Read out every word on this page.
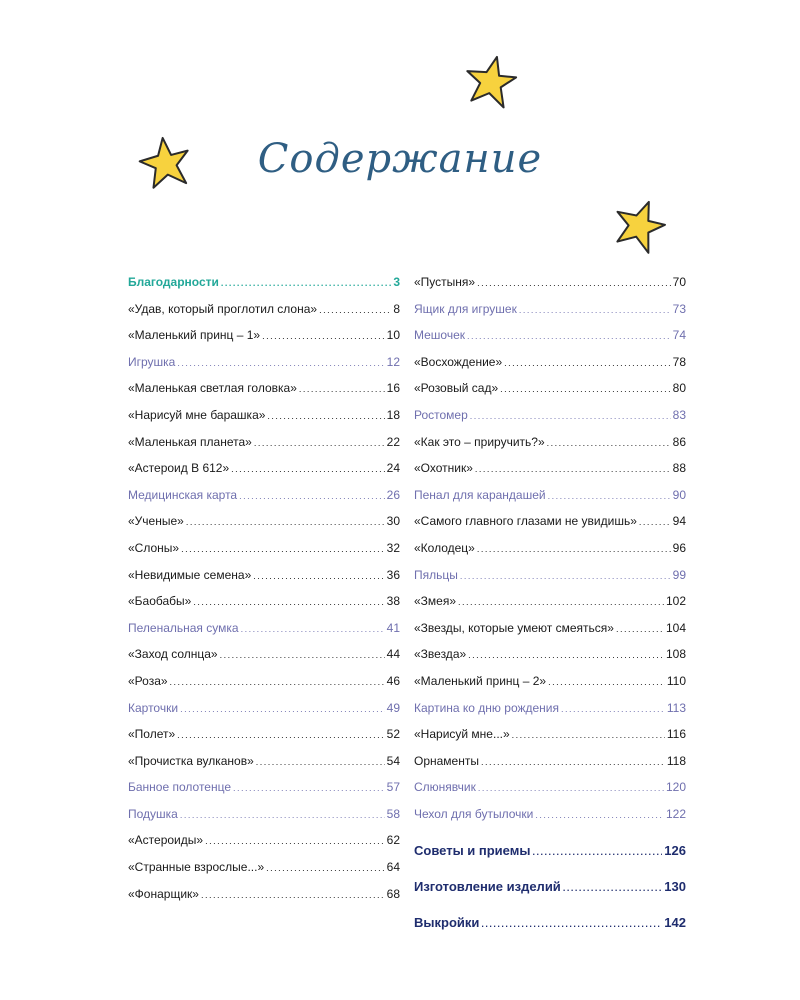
Содержание
Благодарности .....	3
«Удав, который проглотил слона» .....	8
«Маленький принц – 1» .....	10
Игрушка .....	12
«Маленькая светлая головка» .....	16
«Нарисуй мне барашка» .....	18
«Маленькая планета» .....	22
«Астероид В 612» .....	24
Медицинская карта .....	26
«Ученые» .....	30
«Слоны» .....	32
«Невидимые семена» .....	36
«Баобабы» .....	38
Пеленальная сумка .....	41
«Заход солнца» .....	44
«Роза» .....	46
Карточки .....	49
«Полет» .....	52
«Прочистка вулканов» .....	54
Банное полотенце .....	57
Подушка .....	58
«Астероиды» .....	62
«Странные взрослые...» .....	64
«Фонарщик» .....	68
«Пустыня» .....	70
Ящик для игрушек .....	73
Мешочек .....	74
«Восхождение» .....	78
«Розовый сад» .....	80
Ростомер .....	83
«Как это – приручить?» .....	86
«Охотник» .....	88
Пенал для карандашей .....	90
«Самого главного глазами не увидишь» .....	94
«Колодец» .....	96
Пяльцы .....	99
«Змея» .....	102
«Звезды, которые умеют смеяться» .....	104
«Звезда» .....	108
«Маленький принц – 2» .....	110
Картина ко дню рождения .....	113
«Нарисуй мне...» .....	116
Орнаменты .....	118
Слюнявчик .....	120
Чехол для бутылочки .....	122
Советы и приемы .....	126
Изготовление изделий .....	130
Выкройки .....	142
